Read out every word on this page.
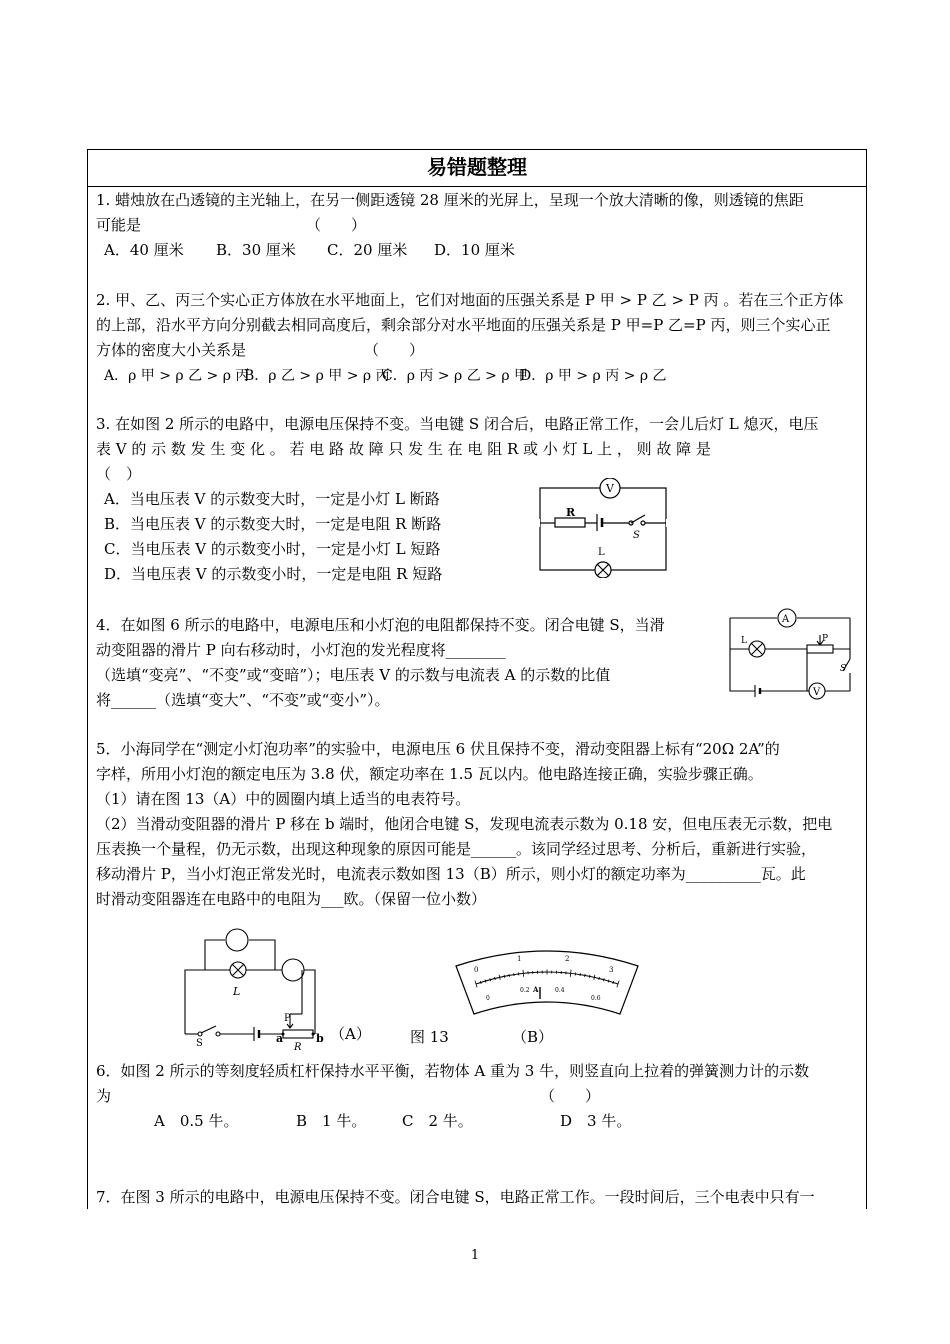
易错题整理
1. 蜡烛放在凸透镜的主光轴上，在另一侧距透镜 28 厘米的光屏上，呈现一个放大清晰的像，则透镜的焦距
可能是	（　　）
A．40 厘米 B．30 厘米 C．20 厘米 D．10 厘米
2. 甲、乙、丙三个实心正方体放在水平地面上，它们对地面的压强关系是 P 甲 > P 乙 > P 丙 。若在三个正方体
的上部，沿水平方向分别截去相同高度后，剩余部分对水平地面的压强关系是 P 甲=P 乙=P 丙，则三个实心正
方体的密度大小关系是	（　　）
A．ρ 甲 > ρ 乙 > ρ 丙
B．ρ 乙 > ρ 甲 > ρ 丙
C．ρ 丙 > ρ 乙 > ρ 甲
D．ρ 甲 > ρ 丙 > ρ 乙
3. 在如图 2 所示的电路中，电源电压保持不变。当电键 S 闭合后，电路正常工作，一会儿后灯 L 熄灭，电压
表 V 的 示 数 发 生 变 化 。 若 电 路 故 障 只 发 生 在 电 阻 R 或 小 灯 L 上 ， 则 故 障 是
（　）
A．当电压表 V 的示数变大时，一定是小灯 L 断路
B．当电压表 V 的示数变大时，一定是电阻 R 断路
C．当电压表 V 的示数变小时，一定是小灯 L 短路
D．当电压表 V 的示数变小时，一定是电阻 R 短路
V
R
S
L
4．在如图 6 所示的电路中，电源电压和小灯泡的电阻都保持不变。闭合电键 S，当滑
动变阻器的滑片 P 向右移动时，小灯泡的发光程度将________
（选填“变亮”、“不变”或“变暗”）；电压表 V 的示数与电流表 A 的示数的比值
将______（选填“变大”、“不变”或“变小”）。
A
L	P
S
V
5．小海同学在“测定小灯泡功率”的实验中，电源电压 6 伏且保持不变，滑动变阻器上标有“20Ω 2A”的
字样，所用小灯泡的额定电压为 3.8 伏，额定功率在 1.5 瓦以内。他电路连接正确，实验步骤正确。
（1）请在图 13（A）中的圆圈内填上适当的电表符号。
（2）当滑动变阻器的滑片 P 移在 b 端时，他闭合电键 S，发现电流表示数为 0.18 安，但电压表无示数，把电
压表换一个量程，仍无示数，出现这种现象的原因可能是______。该同学经过思考、分析后，重新进行实验，
移动滑片 P，当小灯泡正常发光时，电流表示数如图 13（B）所示，则小灯的额定功率为__________瓦。此
时滑动变阻器连在电路中的电阻为___欧。（保留一位小数）
L
P
S	a	b
R
（A）	图 13	（B）
A
0
1	2
3
0
0.2	0.4
0.6
6．如图 2 所示的等刻度轻质杠杆保持水平平衡，若物体 A 重为 3 牛，则竖直向上拉着的弹簧测力计的示数
为	（　　）
A　0.5 牛。	B　1 牛。 C　2 牛。	D　3 牛。
7．在图 3 所示的电路中，电源电压保持不变。闭合电键 S，电路正常工作。一段时间后，三个电表中只有一
1
